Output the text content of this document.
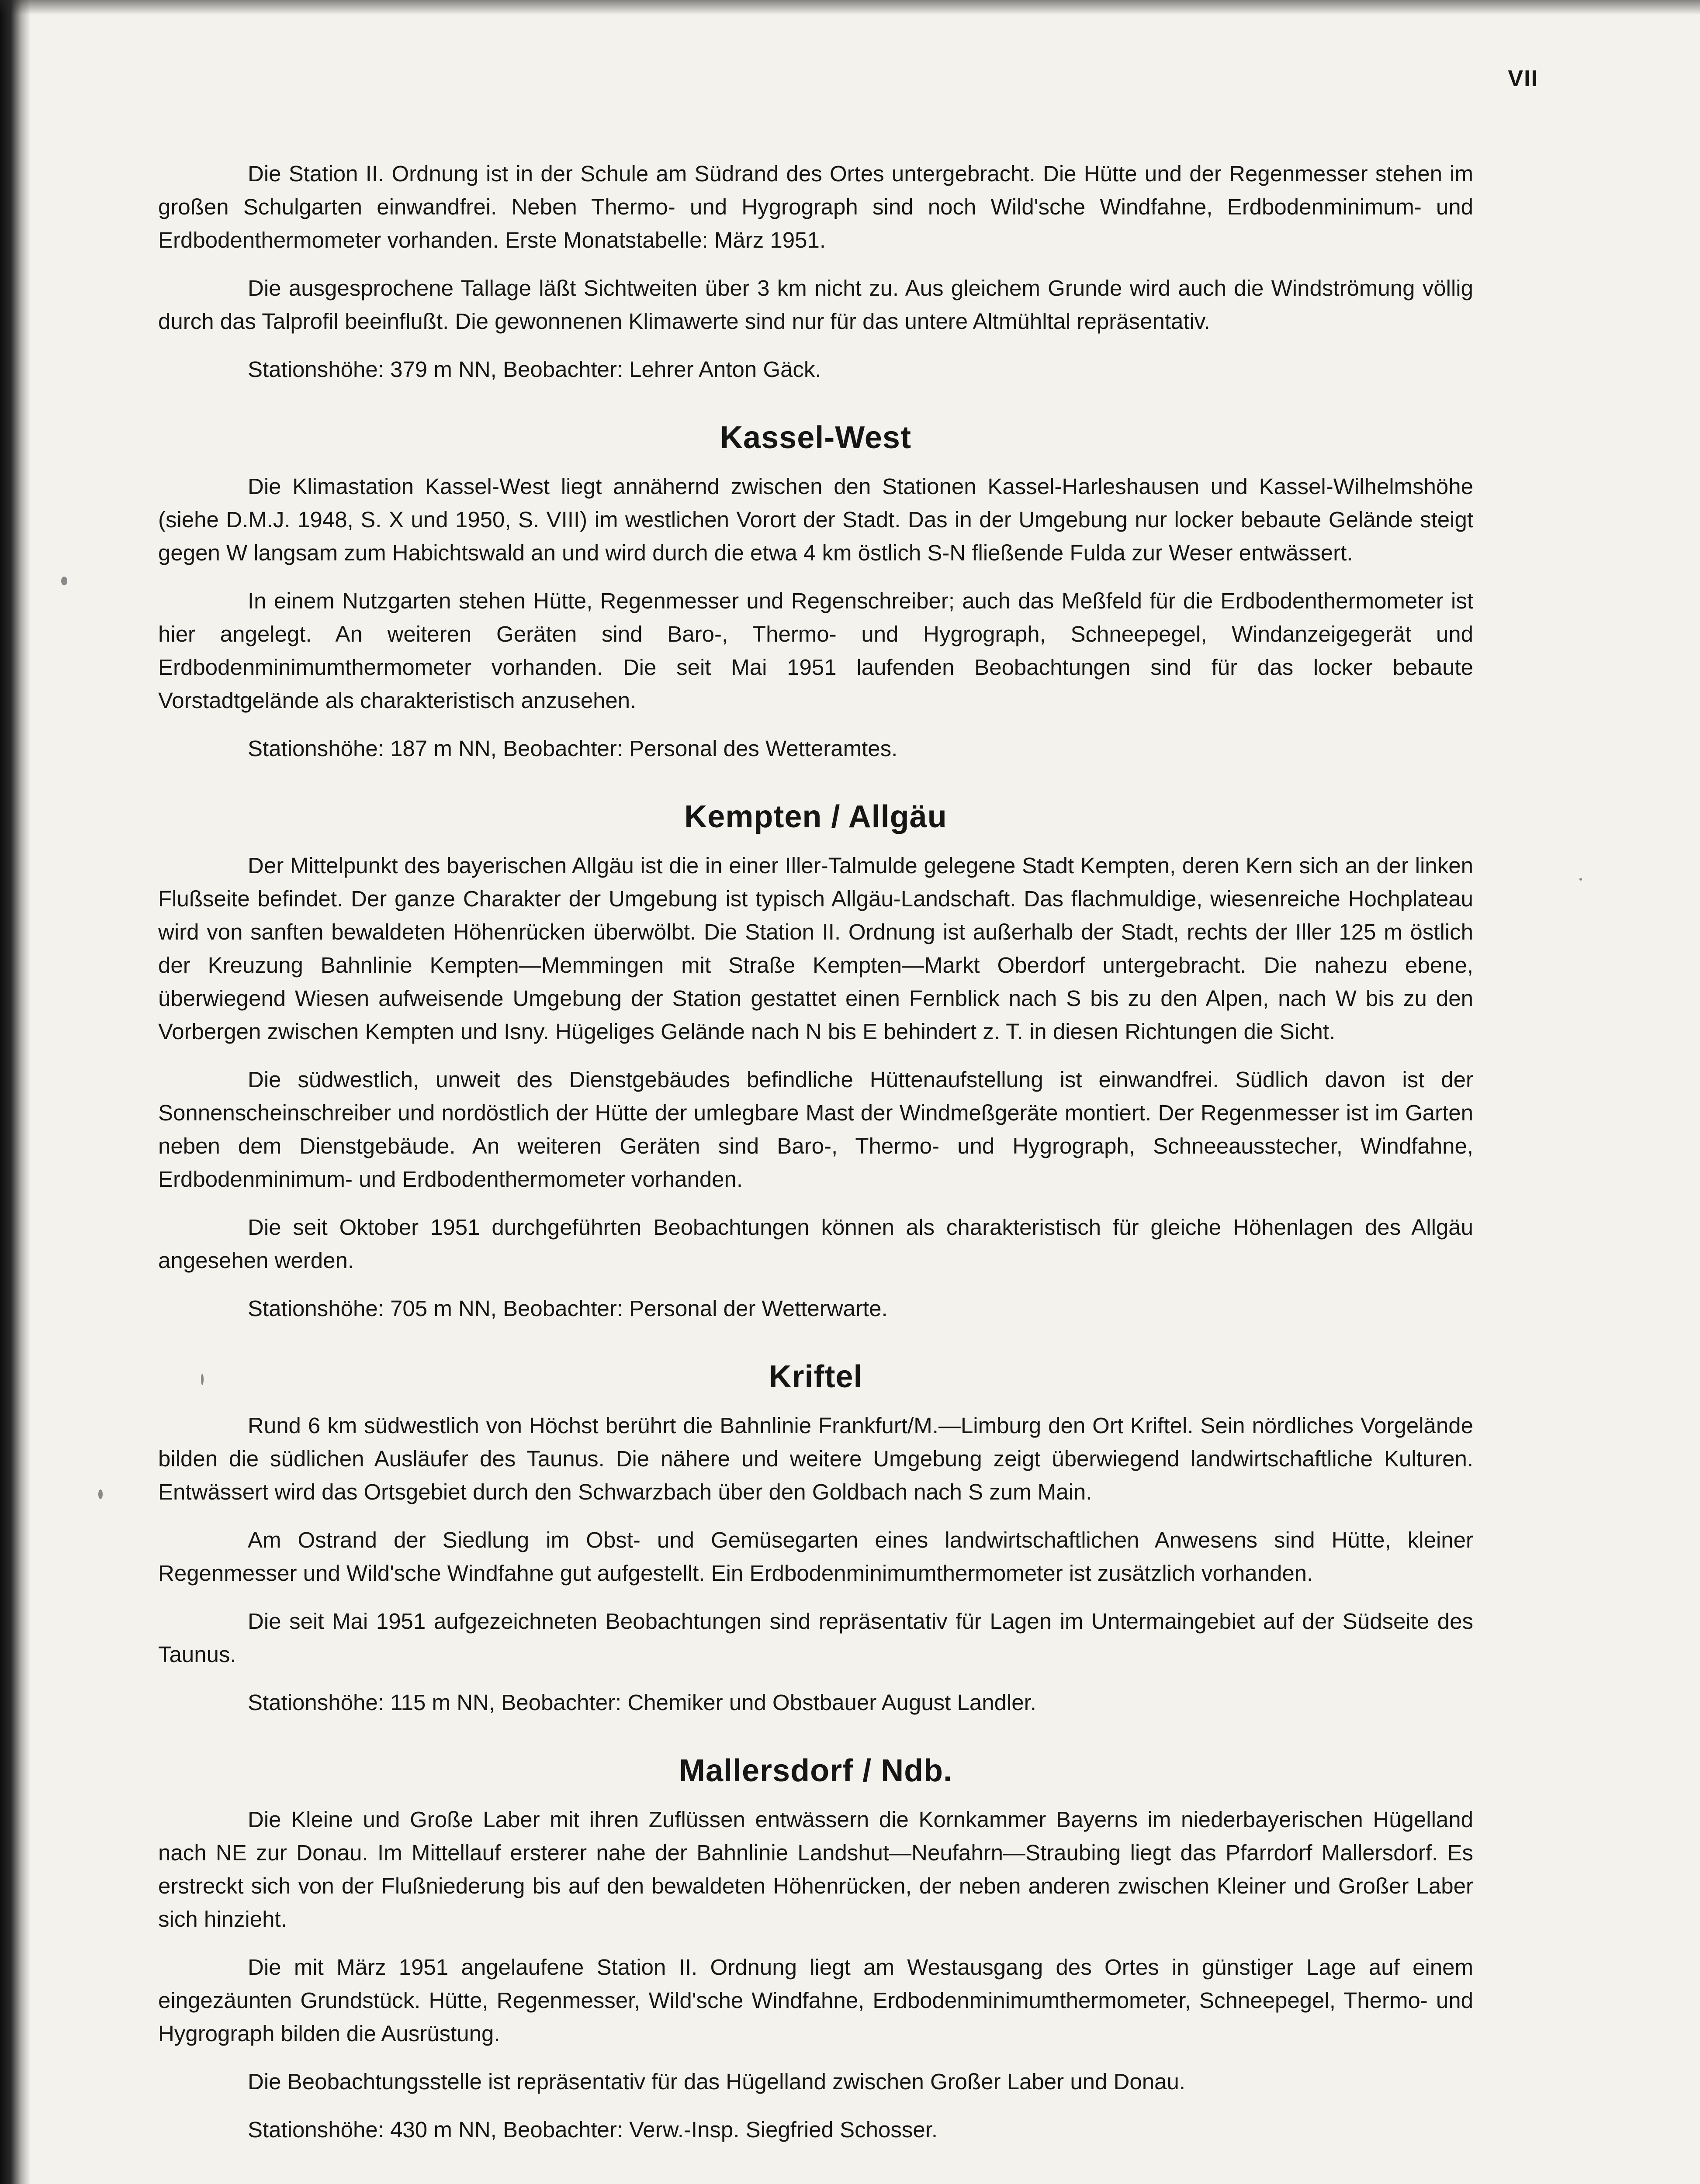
VII

Die Station II. Ordnung ist in der Schule am Südrand des Ortes untergebracht. Die Hütte und der Regenmesser stehen im großen Schulgarten einwandfrei. Neben Thermo- und Hygrograph sind noch Wild'sche Windfahne, Erdbodenminimum- und Erdbodenthermometer vorhanden. Erste Monatstabelle: März 1951.

Die ausgesprochene Tallage läßt Sichtweiten über 3 km nicht zu. Aus gleichem Grunde wird auch die Windströmung völlig durch das Talprofil beeinflußt. Die gewonnenen Klimawerte sind nur für das untere Altmühltal repräsentativ.

Stationshöhe: 379 m NN, Beobachter: Lehrer Anton Gäck.

Kassel-West

Die Klimastation Kassel-West liegt annähernd zwischen den Stationen Kassel-Harleshausen und Kassel-Wilhelmshöhe (siehe D.M.J. 1948, S. X und 1950, S. VIII) im westlichen Vorort der Stadt. Das in der Umgebung nur locker bebaute Gelände steigt gegen W langsam zum Habichtswald an und wird durch die etwa 4 km östlich S-N fließende Fulda zur Weser entwässert.

In einem Nutzgarten stehen Hütte, Regenmesser und Regenschreiber; auch das Meßfeld für die Erdbodenthermometer ist hier angelegt. An weiteren Geräten sind Baro-, Thermo- und Hygrograph, Schneepegel, Windanzeigegerät und Erdbodenminimumthermometer vorhanden. Die seit Mai 1951 laufenden Beobachtungen sind für das locker bebaute Vorstadtgelände als charakteristisch anzusehen.

Stationshöhe: 187 m NN, Beobachter: Personal des Wetteramtes.

Kempten / Allgäu

Der Mittelpunkt des bayerischen Allgäu ist die in einer Iller-Talmulde gelegene Stadt Kempten, deren Kern sich an der linken Flußseite befindet. Der ganze Charakter der Umgebung ist typisch Allgäu-Landschaft. Das flachmuldige, wiesenreiche Hochplateau wird von sanften bewaldeten Höhenrücken überwölbt. Die Station II. Ordnung ist außerhalb der Stadt, rechts der Iller 125 m östlich der Kreuzung Bahnlinie Kempten—Memmingen mit Straße Kempten—Markt Oberdorf untergebracht. Die nahezu ebene, überwiegend Wiesen aufweisende Umgebung der Station gestattet einen Fernblick nach S bis zu den Alpen, nach W bis zu den Vorbergen zwischen Kempten und Isny. Hügeliges Gelände nach N bis E behindert z. T. in diesen Richtungen die Sicht.

Die südwestlich, unweit des Dienstgebäudes befindliche Hüttenaufstellung ist einwandfrei. Südlich davon ist der Sonnenscheinschreiber und nordöstlich der Hütte der umlegbare Mast der Windmeßgeräte montiert. Der Regenmesser ist im Garten neben dem Dienstgebäude. An weiteren Geräten sind Baro-, Thermo- und Hygrograph, Schneeausstecher, Windfahne, Erdbodenminimum- und Erdbodenthermometer vorhanden.

Die seit Oktober 1951 durchgeführten Beobachtungen können als charakteristisch für gleiche Höhenlagen des Allgäu angesehen werden.

Stationshöhe: 705 m NN, Beobachter: Personal der Wetterwarte.

Kriftel

Rund 6 km südwestlich von Höchst berührt die Bahnlinie Frankfurt/M.—Limburg den Ort Kriftel. Sein nördliches Vorgelände bilden die südlichen Ausläufer des Taunus. Die nähere und weitere Umgebung zeigt überwiegend landwirtschaftliche Kulturen. Entwässert wird das Ortsgebiet durch den Schwarzbach über den Goldbach nach S zum Main.

Am Ostrand der Siedlung im Obst- und Gemüsegarten eines landwirtschaftlichen Anwesens sind Hütte, kleiner Regenmesser und Wild'sche Windfahne gut aufgestellt. Ein Erdbodenminimumthermometer ist zusätzlich vorhanden.

Die seit Mai 1951 aufgezeichneten Beobachtungen sind repräsentativ für Lagen im Untermaingebiet auf der Südseite des Taunus.

Stationshöhe: 115 m NN, Beobachter: Chemiker und Obstbauer August Landler.

Mallersdorf / Ndb.

Die Kleine und Große Laber mit ihren Zuflüssen entwässern die Kornkammer Bayerns im niederbayerischen Hügelland nach NE zur Donau. Im Mittellauf ersterer nahe der Bahnlinie Landshut—Neufahrn—Straubing liegt das Pfarrdorf Mallersdorf. Es erstreckt sich von der Flußniederung bis auf den bewaldeten Höhenrücken, der neben anderen zwischen Kleiner und Großer Laber sich hinzieht.

Die mit März 1951 angelaufene Station II. Ordnung liegt am Westausgang des Ortes in günstiger Lage auf einem eingezäunten Grundstück. Hütte, Regenmesser, Wild'sche Windfahne, Erdbodenminimumthermometer, Schneepegel, Thermo- und Hygrograph bilden die Ausrüstung.

Die Beobachtungsstelle ist repräsentativ für das Hügelland zwischen Großer Laber und Donau.

Stationshöhe: 430 m NN, Beobachter: Verw.-Insp. Siegfried Schosser.
